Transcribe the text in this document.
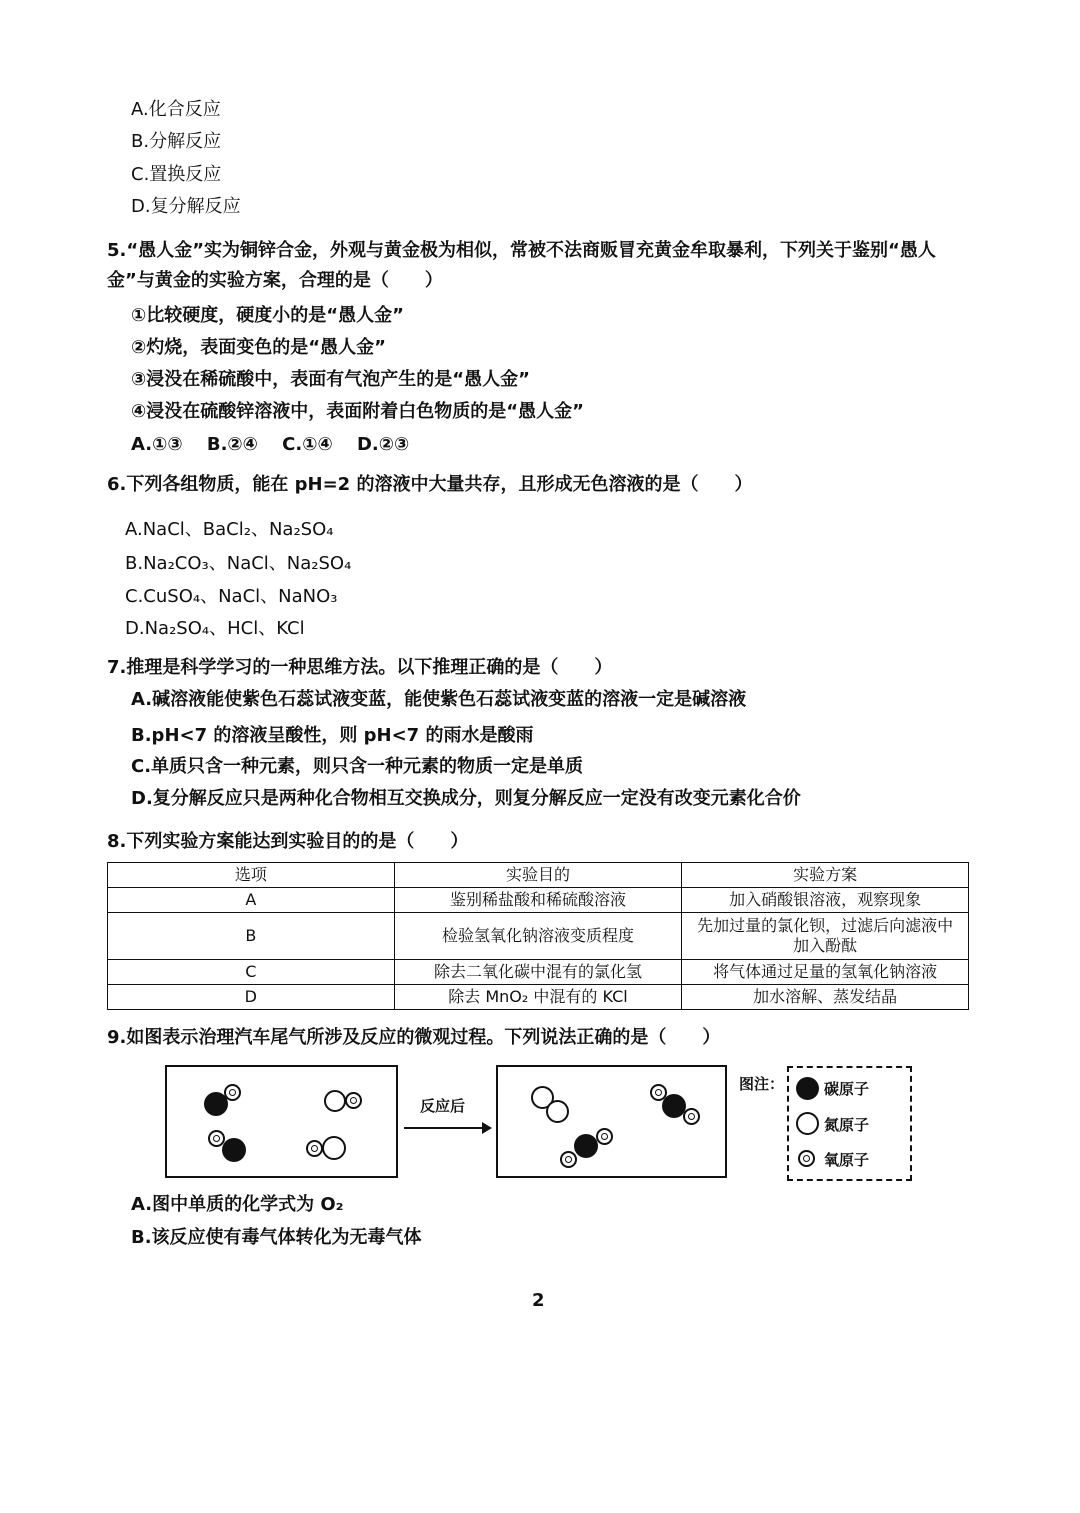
A.化合反应
B.分解反应
C.置换反应
D.复分解反应
5.“愚人金”实为铜锌合金，外观与黄金极为相似，常被不法商贩冒充黄金牟取暴利，下列关于鉴别“愚人
金”与黄金的实验方案，合理的是（　　）
①比较硬度，硬度小的是“愚人金”
②灼烧，表面变色的是“愚人金”
③浸没在稀硫酸中，表面有气泡产生的是“愚人金”
④浸没在硫酸锌溶液中，表面附着白色物质的是“愚人金”
A.①③　 B.②④　 C.①④　 D.②③
6.下列各组物质，能在 pH=2 的溶液中大量共存，且形成无色溶液的是（　　）
A.NaCl、BaCl₂、Na₂SO₄
B.Na₂CO₃、NaCl、Na₂SO₄
C.CuSO₄、NaCl、NaNO₃
D.Na₂SO₄、HCl、KCl
7.推理是科学学习的一种思维方法。以下推理正确的是（　　）
A.碱溶液能使紫色石蕊试液变蓝，能使紫色石蕊试液变蓝的溶液一定是碱溶液
B.pH<7 的溶液呈酸性，则 pH<7 的雨水是酸雨
C.单质只含一种元素，则只含一种元素的物质一定是单质
D.复分解反应只是两种化合物相互交换成分，则复分解反应一定没有改变元素化合价
8.下列实验方案能达到实验目的的是（　　）
选项	实验目的	实验方案
A	鉴别稀盐酸和稀硫酸溶液	加入硝酸银溶液，观察现象
B	检验氢氧化钠溶液变质程度	先加过量的氯化钡，过滤后向滤液中
加入酚酞

C	除去二氧化碳中混有的氯化氢	将气体通过足量的氢氧化钠溶液
D	除去 MnO₂ 中混有的 KCl	加水溶解、蒸发结晶
9.如图表示治理汽车尾气所涉及反应的微观过程。下列说法正确的是（　　）
反应后
图注：	碳原子
氮原子
氧原子
A.图中单质的化学式为 O₂
B.该反应使有毒气体转化为无毒气体
2
